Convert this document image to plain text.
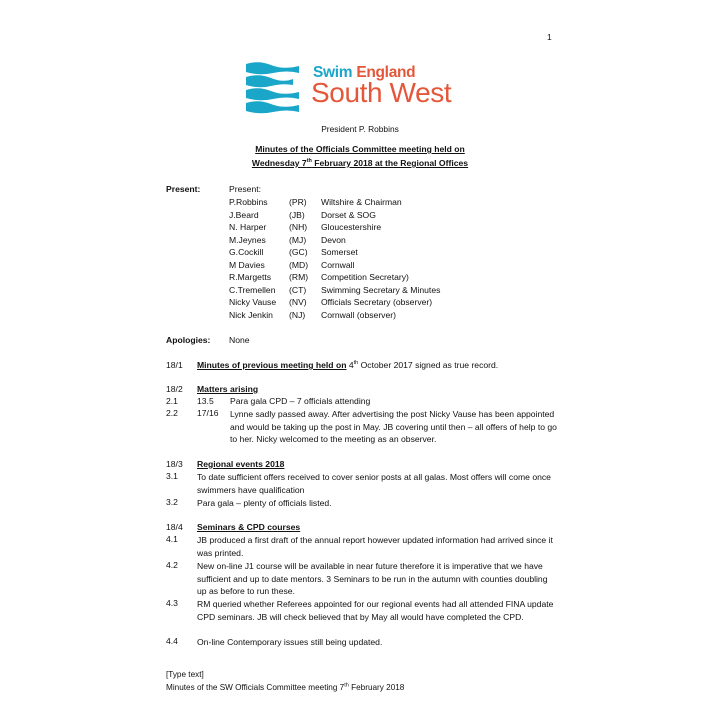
1
Swim England
South West
President P. Robbins
Minutes of the Officials Committee meeting held on
Wednesday 7th February 2018 at the Regional Offices
Present:	Present:
P.Robbins (PR) Wiltshire & Chairman
J.Beard	(JB) Dorset & SOG
N. Harper	(NH) Gloucestershire
M.Jeynes	(MJ) Devon
G.Cockill	(GC) Somerset
M Davies	(MD) Cornwall
R.Margetts (RM) Competition Secretary)
C.Tremellen (CT) Swimming Secretary & Minutes
Nicky Vause (NV) Officials Secretary (observer)
Nick Jenkin (NJ) Cornwall (observer)
Apologies: None
18/1 Minutes of previous meeting held on 4th October 2017 signed as true record.
18/2 Matters arising
2.1 13.5 Para gala CPD – 7 officials attending
2.2 17/16 Lynne sadly passed away. After advertising the post Nicky Vause has been appointed and would be taking up the post in May. JB covering until then – all offers of help to go to her. Nicky welcomed to the meeting as an observer.
18/3 Regional events 2018
3.1 To date sufficient offers received to cover senior posts at all galas. Most offers will come once swimmers have qualification
3.2 Para gala – plenty of officials listed.
18/4 Seminars & CPD courses
4.1 JB produced a first draft of the annual report however updated information had arrived since it was printed.
4.2 New on-line J1 course will be available in near future therefore it is imperative that we have sufficient and up to date mentors. 3 Seminars to be run in the autumn with counties doubling up as before to run these.
4.3 RM queried whether Referees appointed for our regional events had all attended FINA update CPD seminars. JB will check believed that by May all would have completed the CPD.
4.4 On-line Contemporary issues still being updated.
[Type text]
Minutes of the SW Officials Committee meeting 7th February 2018
